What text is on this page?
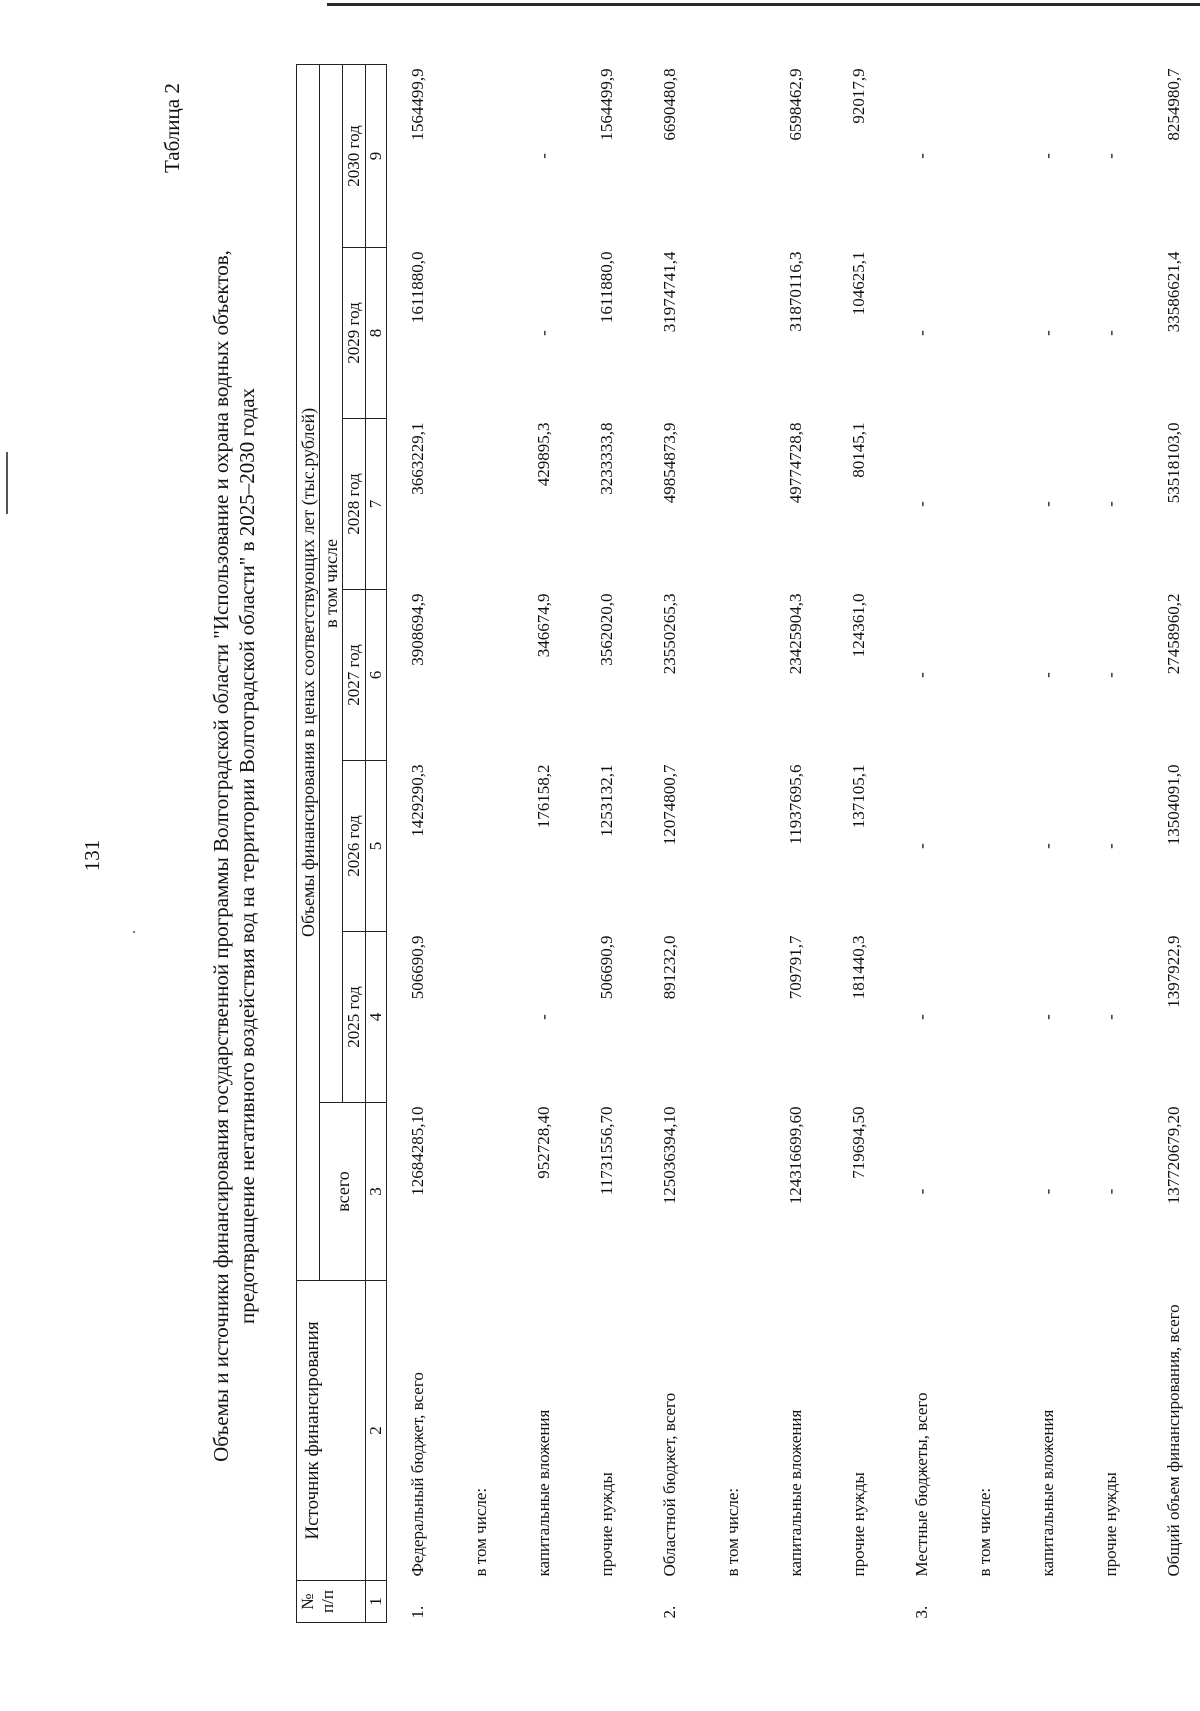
131
Таблица 2
Объемы и источники финансирования государственной программы Волгоградской области "Использование и охрана водных объектов, предотвращение негативного воздействия вод на территории Волгоградской области" в 2025–2030 годах
№ п/п	Источник финансирования	Объемы финансирования в ценах соответствующих лет (тыс.рублей)						
		всего	в том числе					
			2025 год	2026 год	2027 год	2028 год	2029 год	2030 год
1	2	3	4	5	6	7	8	9
1.	Федеральный бюджет, всего	12684285,10	506690,9	1429290,3	3908694,9	3663229,1	1611880,0	1564499,9
	в том числе:							
	капитальные вложения	952728,40	-	176158,2	346674,9	429895,3	-	-
	прочие нужды	11731556,70	506690,9	1253132,1	3562020,0	3233333,8	1611880,0	1564499,9
2.	Областной бюджет, всего	125036394,10	891232,0	12074800,7	23550265,3	49854873,9	31974741,4	6690480,8
	в том числе:							
	капитальные вложения	124316699,60	709791,7	11937695,6	23425904,3	49774728,8	31870116,3	6598462,9
	прочие нужды	719694,50	181440,3	137105,1	124361,0	80145,1	104625,1	92017,9
3.	Местные бюджеты, всего	-	-	-	-	-	-	-
	в том числе:							
	капитальные вложения	-	-	-	-	-	-	-
	прочие нужды	-	-	-	-	-	-	-
	Общий объем финансирования, всего	137720679,20	1397922,9	13504091,0	27458960,2	53518103,0	33586621,4	8254980,7
